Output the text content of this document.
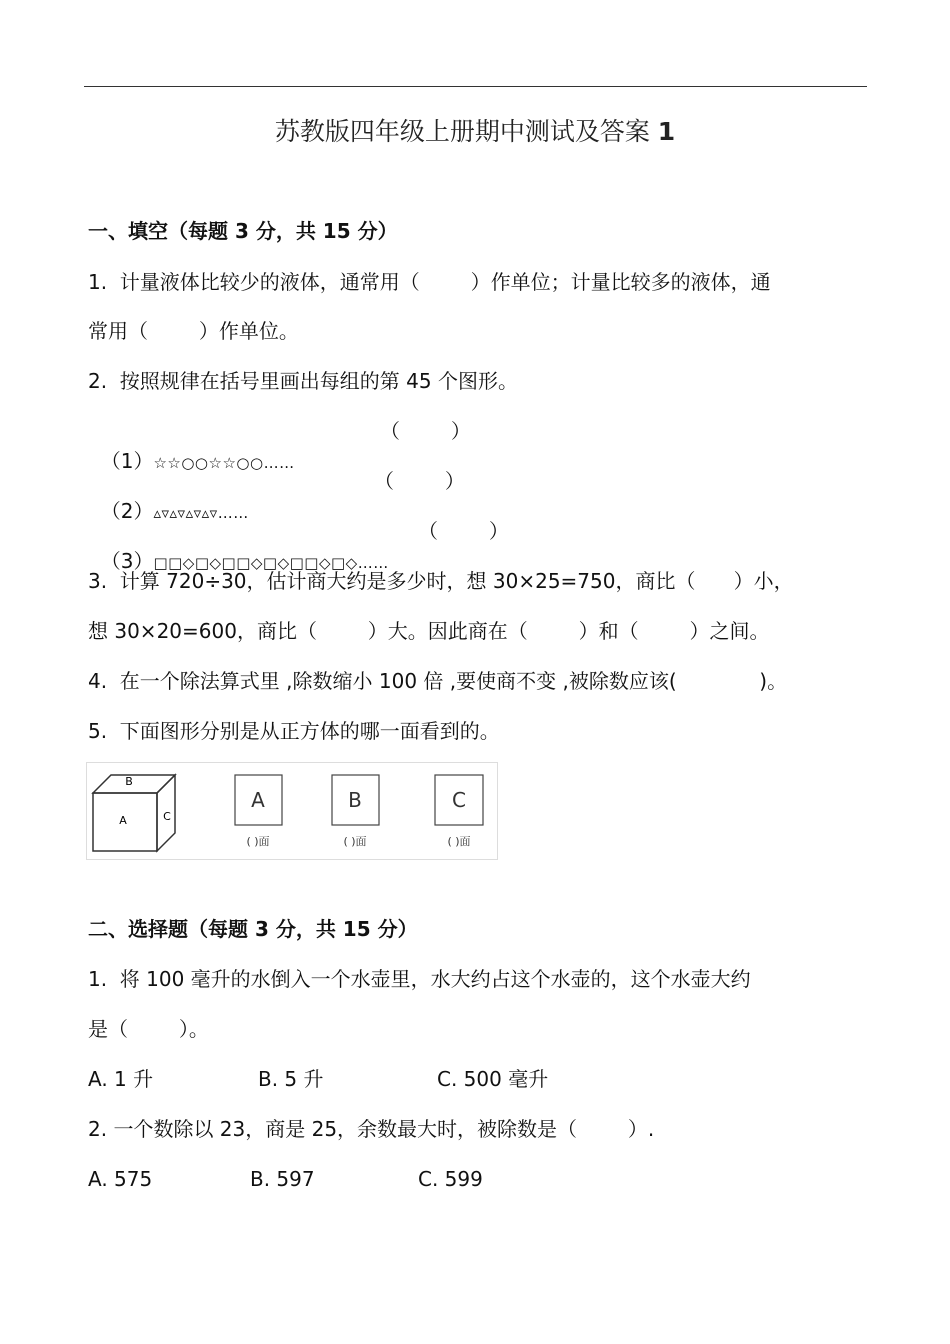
苏教版四年级上册期中测试及答案 1
一、填空（每题 3 分，共 15 分）
1.  计量液体比较少的液体，通常用（        ）作单位；计量比较多的液体，通
常用（        ）作单位。
2.  按照规律在括号里画出每组的第 45 个图形。

（1）☆☆○○☆☆○○……

（        ）

（2）▵▿▵▿▵▿▵▿……

（        ）

（3）□□◇□◇□□◇□◇□□◇□◇……

（        ）
3.  计算 720÷30，估计商大约是多少时，想 30×25=750，商比（      ）小，
想 30×20=600，商比（        ）大。因此商在（        ）和（        ）之间。
4.  在一个除法算式里 ,除数缩小 100 倍 ,要使商不变 ,被除数应该(             )。
5.  下面图形分别是从正方体的哪一面看到的。
B
A	C
A
( )面
B
( )面
C
( )面
二、选择题（每题 3 分，共 15 分）
1.  将 100 毫升的水倒入一个水壶里，水大约占这个水壶的，这个水壶大约
是（        ）。
A. 1 升	B. 5 升	C. 500 毫升
2. 一个数除以 23，商是 25，余数最大时，被除数是（        ）.
A. 575	B. 597	C. 599
